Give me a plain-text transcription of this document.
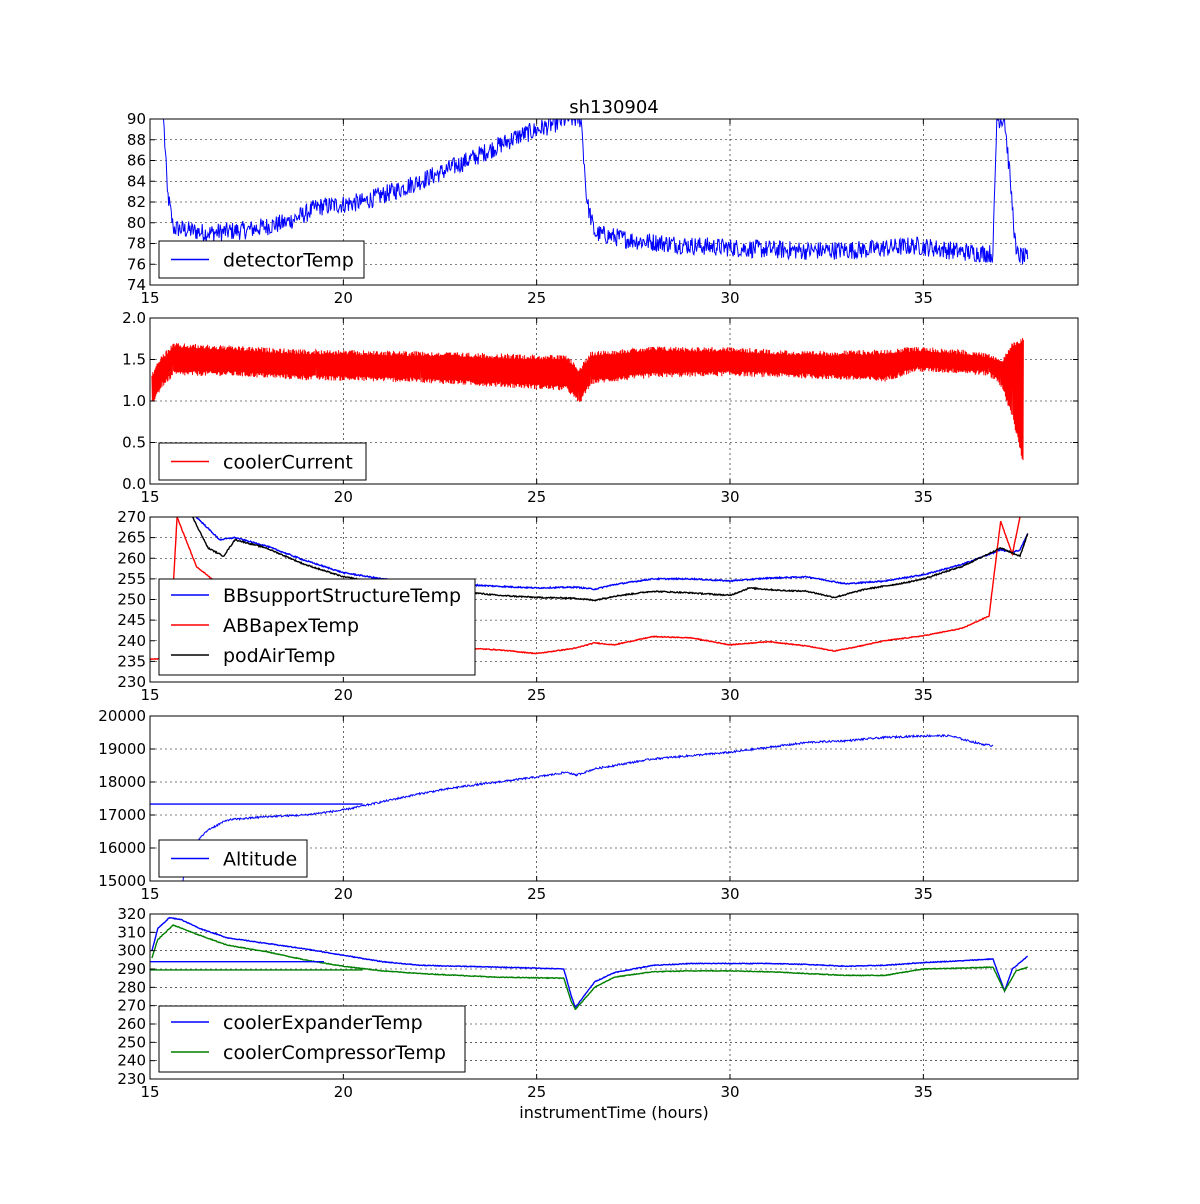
sh130904
instrumentTime (hours)
15	20	25	30	35
74
76
78
80
82
84
86
88
90
detectorTemp
15	20	25	30	35
0.0
0.5
1.0
1.5
2.0
coolerCurrent
15	20	25	30	35
230
235
240
245
250
255
260
265
270
BBsupportStructureTemp
ABBapexTemp
podAirTemp
15	20	25	30	35
15000
16000
17000
18000
19000
20000
Altitude
15	20	25	30	35
230
240
250
260
270
280
290
300
310
320
coolerExpanderTemp
coolerCompressorTemp
